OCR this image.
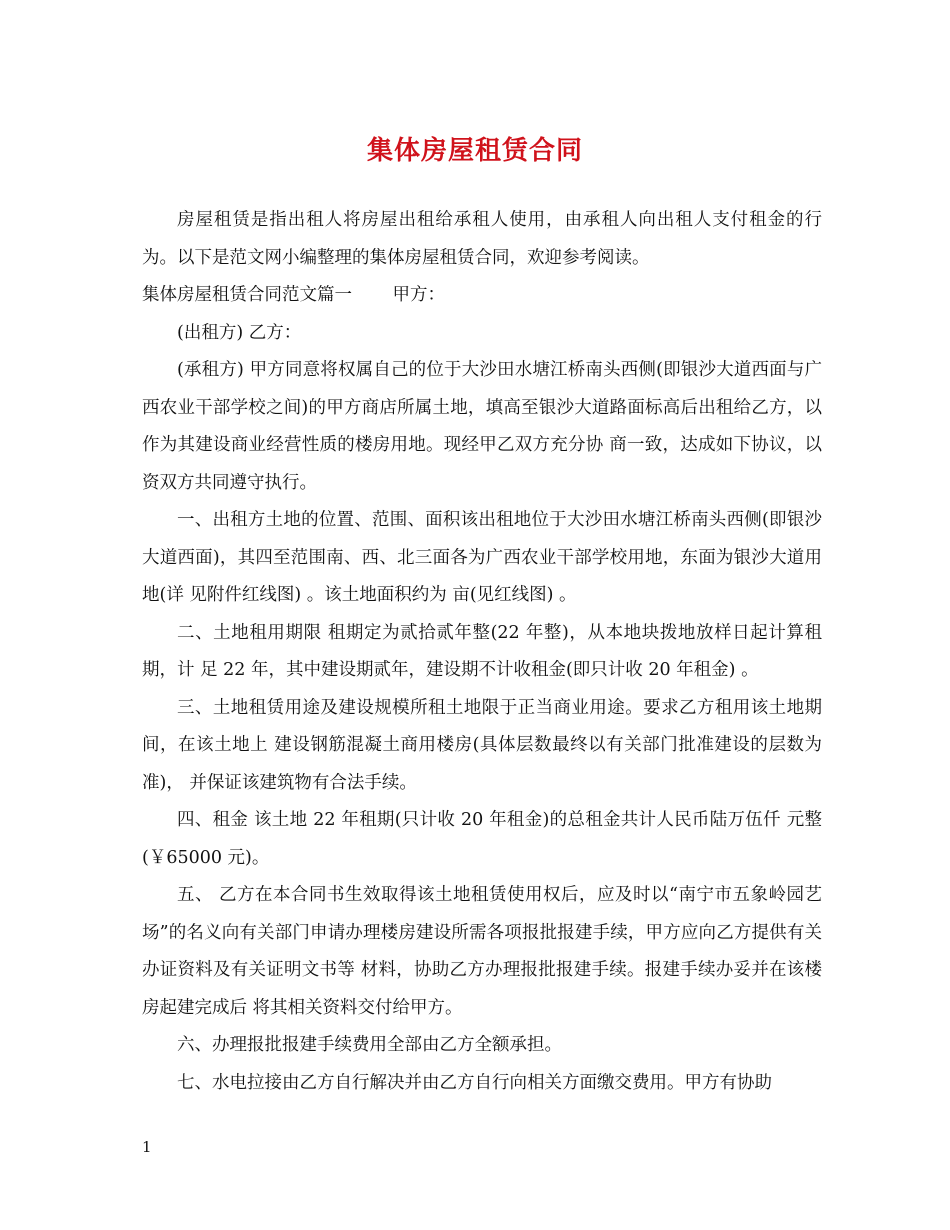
集体房屋租赁合同

房屋租赁是指出租人将房屋出租给承租人使用，由承租人向出租人支付租金的行为。以下是范文网小编整理的集体房屋租赁合同，欢迎参考阅读。

集体房屋租赁合同范文篇一　　 甲方：

(出租方) 乙方：

(承租方) 甲方同意将权属自己的位于大沙田水塘江桥南头西侧(即银沙大道西面与广 西农业干部学校之间)的甲方商店所属土地，填高至银沙大道路面标高后出租给乙方，以作为其建设商业经营性质的楼房用地。现经甲乙双方充分协 商一致，达成如下协议，以资双方共同遵守执行。

一、出租方土地的位置、范围、面积该出租地位于大沙田水塘江桥南头西侧(即银沙大道西面)，其四至范围南、西、北三面各为广西农业干部学校用地，东面为银沙大道用地(详 见附件红线图) 。该土地面积约为 亩(见红线图) 。

二、土地租用期限 租期定为贰拾贰年整(22 年整)，从本地块拨地放样日起计算租期，计 足 22 年，其中建设期贰年，建设期不计收租金(即只计收 20 年租金) 。

三、土地租赁用途及建设规模所租土地限于正当商业用途。要求乙方租用该土地期间，在该土地上 建设钢筋混凝土商用楼房(具体层数最终以有关部门批准建设的层数为准)， 并保证该建筑物有合法手续。

四、租金 该土地 22 年租期(只计收 20 年租金)的总租金共计人民币陆万伍仟 元整(￥65000 元)。

五、 乙方在本合同书生效取得该土地租赁使用权后，应及时以“南宁市五象岭园艺场”的名义向有关部门申请办理楼房建设所需各项报批报建手续，甲方应向乙方提供有关办证资料及有关证明文书等 材料，协助乙方办理报批报建手续。报建手续办妥并在该楼房起建完成后 将其相关资料交付给甲方。

六、办理报批报建手续费用全部由乙方全额承担。

七、水电拉接由乙方自行解决并由乙方自行向相关方面缴交费用。甲方有协助

1
